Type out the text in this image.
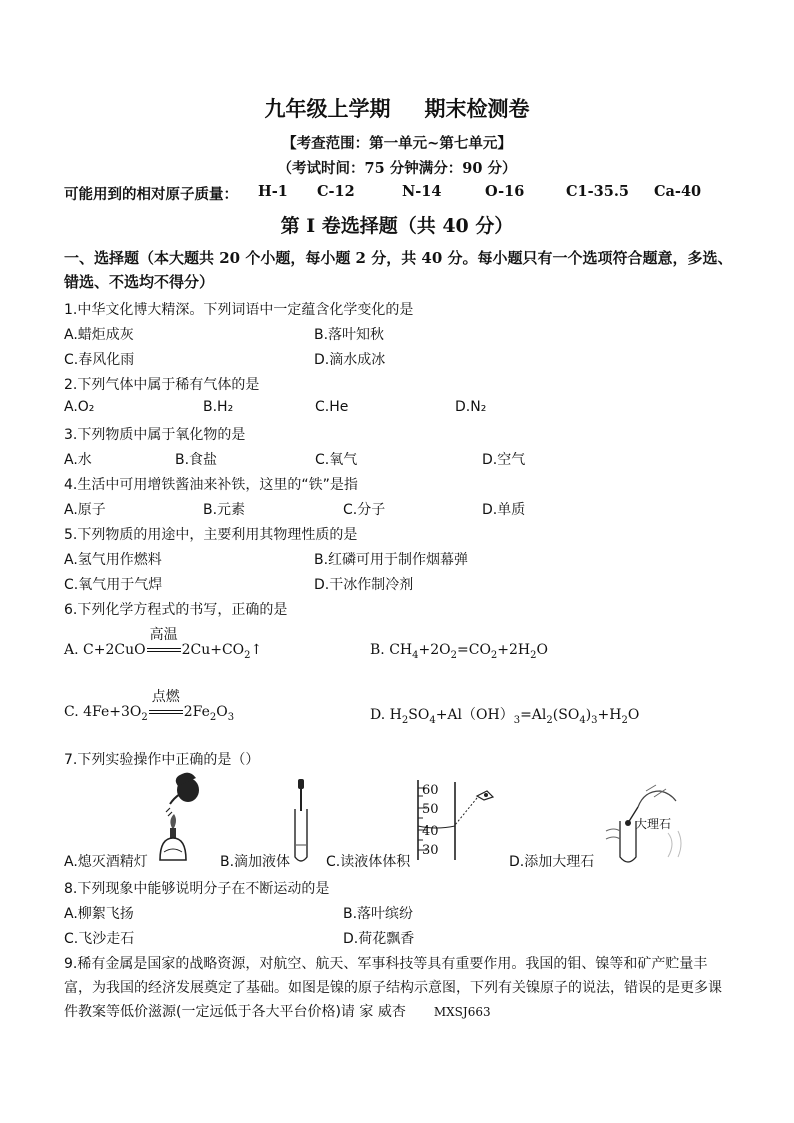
九年级上学期 期末检测卷
【考查范围：第一单元~第七单元】
（考试时间：75 分钟满分：90 分）
可能用到的相对原子质量： H-1 C-12	N-14	O-16	C1-35.5 Ca-40
第 I 卷选择题（共 40 分）
一、选择题（本大题共 20 个小题，每小题 2 分，共 40 分。每小题只有一个选项符合题意，多选、错选、不选均不得分）
1.中华文化博大精深。下列词语中一定蕴含化学变化的是
A.蜡炬成灰	B.落叶知秋
C.春风化雨	D.滴水成冰
2.下列气体中属于稀有气体的是
A.O₂	B.H₂	C.He	D.N₂
3.下列物质中属于氧化物的是
A.水	B.食盐	C.氧气	D.空气
4.生活中可用增铁酱油来补铁，这里的“铁”是指
A.原子	B.元素	C.分子	D.单质
5.下列物质的用途中，主要利用其物理性质的是
A.氢气用作燃料	B.红磷可用于制作烟幕弹
C.氧气用于气焊	D.干冰作制冷剂
6.下列化学方程式的书写，正确的是
A. C+2CuO
高温
$2Cu+CO_2↑$	B. $CH_4+2O_2=CO_2+2H_2O$
C. $4Fe+3O_2$
点燃
$2Fe_2O_3$	D. $H_2SO_4+Al(OH)_3=Al_2(SO_4)_3+H_2O$
7.下列实验操作中正确的是（）
60
50
40
30
大理石
A.熄灭酒精灯	B.滴加液体	C.读液体体积	D.添加大理石
8.下列现象中能够说明分子在不断运动的是
A.柳絮飞扬	B.落叶缤纷
C.飞沙走石	D.荷花飘香
9.稀有金属是国家的战略资源，对航空、航天、军事科技等具有重要作用。我国的钼、镍等和矿产贮量丰富，为我国的经济发展奠定了基础。如图是镍的原子结构示意图，下列有关镍原子的说法，错误的是更多课件教案等低价滋源(一定远低于各大平台价格)请 家 威杏 MXSJ663
